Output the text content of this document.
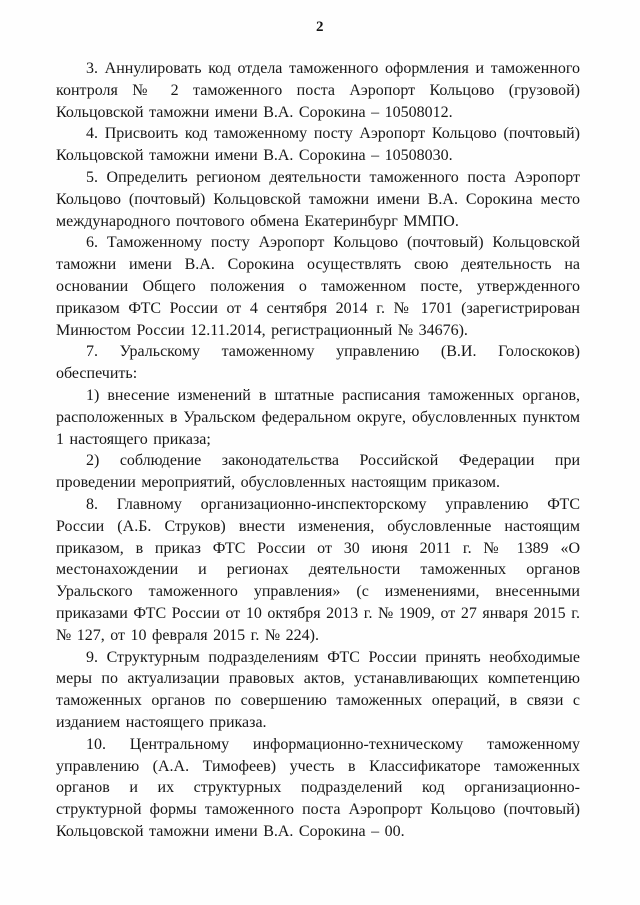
2

3. Аннулировать код отдела таможенного оформления и таможенного контроля № 2 таможенного поста Аэропорт Кольцово (грузовой) Кольцовской таможни имени В.А. Сорокина – 10508012.

4. Присвоить код таможенному посту Аэропорт Кольцово (почтовый) Кольцовской таможни имени В.А. Сорокина – 10508030.

5. Определить регионом деятельности таможенного поста Аэропорт Кольцово (почтовый) Кольцовской таможни имени В.А. Сорокина место международного почтового обмена Екатеринбург ММПО.

6. Таможенному посту Аэропорт Кольцово (почтовый) Кольцовской таможни имени В.А. Сорокина осуществлять свою деятельность на основании Общего положения о таможенном посте, утвержденного приказом ФТС России от 4 сентября 2014 г. № 1701 (зарегистрирован Минюстом России 12.11.2014, регистрационный № 34676).

7. Уральскому таможенному управлению (В.И. Голоскоков) обеспечить:

1) внесение изменений в штатные расписания таможенных органов, расположенных в Уральском федеральном округе, обусловленных пунктом 1 настоящего приказа;

2) соблюдение законодательства Российской Федерации при проведении мероприятий, обусловленных настоящим приказом.

8. Главному организационно-инспекторскому управлению ФТС России (А.Б. Струков) внести изменения, обусловленные настоящим приказом, в приказ ФТС России от 30 июня 2011 г. № 1389 «О местонахождении и регионах деятельности таможенных органов Уральского таможенного управления» (с изменениями, внесенными приказами ФТС России от 10 октября 2013 г. № 1909, от 27 января 2015 г. № 127, от 10 февраля 2015 г. № 224).

9. Структурным подразделениям ФТС России принять необходимые меры по актуализации правовых актов, устанавливающих компетенцию таможенных органов по совершению таможенных операций, в связи с изданием настоящего приказа.

10. Центральному информационно-техническому таможенному управлению (А.А. Тимофеев) учесть в Классификаторе таможенных органов и их структурных подразделений код организационно-структурной формы таможенного поста Аэропрорт Кольцово (почтовый) Кольцовской таможни имени В.А. Сорокина – 00.
